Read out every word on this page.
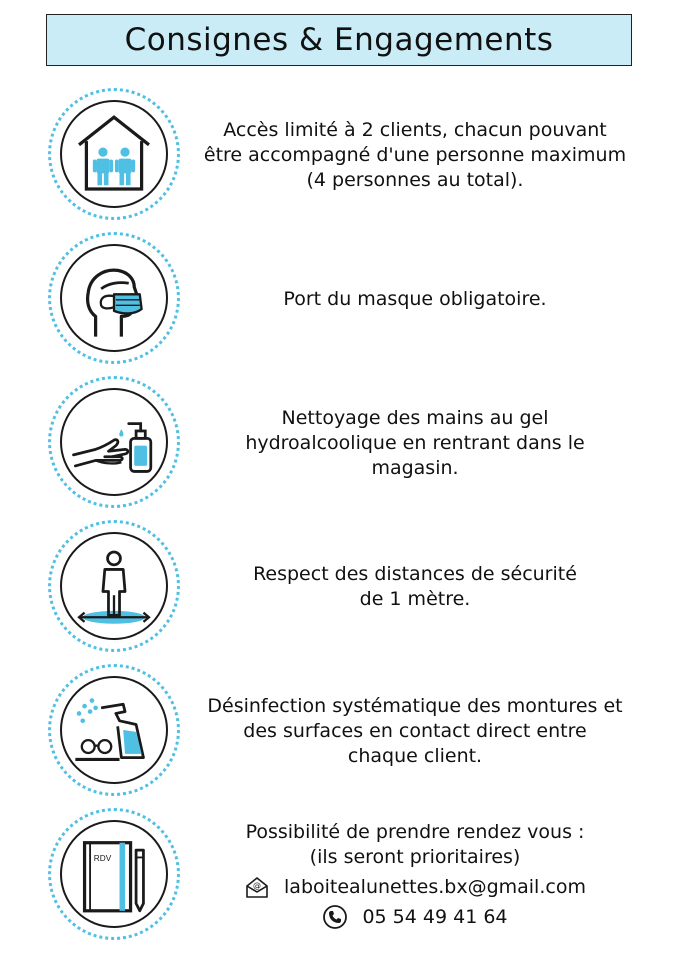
Consignes & Engagements
Accès limité à 2 clients, chacun pouvant
être accompagné d'une personne maximum
(4 personnes au total).
Port du masque obligatoire.
Nettoyage des mains au gel
hydroalcoolique en rentrant dans le
magasin.
Respect des distances de sécurité
de 1 mètre.
Désinfection systématique des montures et
des surfaces en contact direct entre
chaque client.
RDV
Possibilité de prendre rendez vous :
(ils seront prioritaires)
@ laboitealunettes.bx@gmail.com
05 54 49 41 64
